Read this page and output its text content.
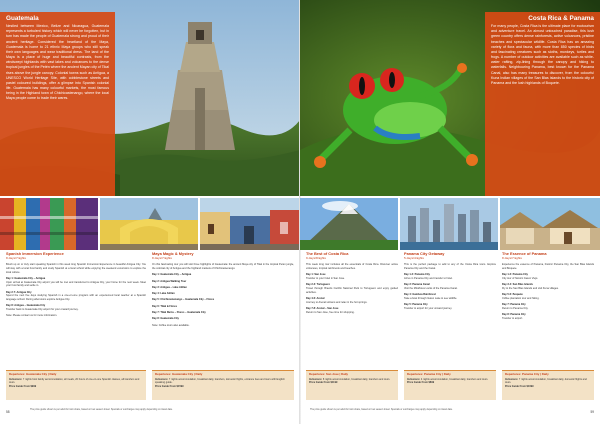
Guatemala

Nestled between Mexico, Belize and Nicaragua, Guatemala represents a turbulent history which will never be forgotten, but in turn has made the people of Guatemala strong and proud of their ancient heritage. Considered the heartland of the Maya, Guatemala is home to 21 ethnic Maya groups who still speak their own languages and wear traditional dress. The land of the Maya is a place of huge and beautiful contrasts, from the windswept highlands with vast lakes and volcanoes to the dense tropical jungles of the Petén where the ancient Mayan city of Tikal rises above the jungle canopy. Colonial towns such as Antigua, a UNESCO World Heritage Site, with cobblestone streets and pastel coloured buildings, offer a glimpse into Spanish colonial life. Guatemala has many colourful markets, the most famous being in the Highland town of Chichicastenango, where the local Maya people come to trade their wares.

Spanish Immersion Experience
8 days/7nights

Brush up on or truly start speaking Spanish in this week long Spanish Immersion Experience in beautiful Antigua City. You will stay with a local host family and study Spanish at a local school while enjoying the weekend excursions to explore the local culture.

Day 1: Guatemala City – Antigua
Upon arrival at Guatemala City airport you will be met and transferred to Antigua City, your home for the next week. Meet your host family and settle in.

Day 2-7: Antigua City
Spend the next five days studying Spanish in a one-on-one program with an experienced local teacher at a Spanish language school. During afternoons explore Antigua City.

Day 8: Antigua – Guatemala City
Transfer back to Guatemala City airport for your onward journey.

Note: Please contact us for more information.

Departures: Guatemala City | Daily
Inclusions: 7 nights host family accommodation, all meals, 20 hours of one-on-one Spanish classes, all transfers and tours.
Price Guide From $999
Maya Magic & Mystery
8 days/7nights

On this fascinating tour you will visit three highlights of Guatemala: the ancient Maya city of Tikal in the tropical Petén jungle, the colonial city of Antigua and the highland markets of Chichicastenango.

Day 1: Guatemala City – Antigua

Day 2: Antigua Walking Tour

Day 3: Antigua – Lake Atitlan

Day 4: Lake Atitlan

Day 5: Chichicastenango – Guatemala City – Flores

Day 6: Tikal & Flores

Day 7: Tikal Ruins – Flores – Guatemala City

Day 8: Guatemala City

Note: Coffee tours also available.

Departures: Guatemala City | Daily
Inclusions: 7 nights accommodation, breakfast daily, transfers, domestic flights, entrance fees and tours with English speaking guide.
Price Guide From $1599
The price guide shown is per adult for twin share, based on low season travel. Specials or surcharges may apply depending on travel date.
58
Costa Rica & Panama

For many people, Costa Rica is the ultimate place for ecotourism and adventure travel. An almost untouched paradise, this lush green country offers dense rainforests, active volcanoes, pristine beaches and spectacular wildlife. Costa Rica has an amazing variety of flora and fauna, with more than 850 species of birds and fascinating creatures such as sloths, monkeys, turtles and frogs. A number of outdoor activities are available such as white-water rafting, zip-lining through the canopy and hiking to waterfalls. Neighbouring Panama, best known for the Panama Canal, also has many treasures to discover, from the colourful Kuna Indian villages of the San Blas Islands to the historic city of Panama and the lush highlands of Boquete.

The Best of Costa Rica
9 days/8nights

This week long tour includes all the essentials of Costa Rica. Discover active volcanoes, tropical rainforests and beaches.

Day 1: San Jose
Transfer to your hotel in San Jose.

Day 2-3: Tortuguero
Travel through Braulio Carrillo National Park to Tortuguero and enjoy guided activities.

Day 4-6: Arenal
Journey to Arenal volcano and relax in the hot springs.

Day 7-8: Arenal – San Jose
Return to San Jose, free time for shopping.

Departures: San Jose | Daily
Inclusions: 8 nights accommodation, breakfast daily, transfers and tours.
Price Guide From $1199
Panama City Getaway
5 days/4nights

This is the perfect package to add to any of the Costa Rica tours. Explore Panama City and the Canal.

Day 1-2: Panama City
Arrive in Panama City and transfer to hotel.

Day 3: Panama Canal
Visit the Miraflores Locks of the Panama Canal.

Day 4: Gamboa Rainforest
Take a boat through Gatun Lake to see wildlife.

Day 5: Panama City
Transfer to airport for your onward journey.

Departures: Panama City | Daily
Inclusions: 4 nights accommodation, breakfast daily, transfers and tours.
Price Guide From $899
The Essence of Panama
8 days/7nights

Experience the essence of Panama, historic Panama City, the San Blas Islands and Boquete.

Day 1-2: Panama City
City tour of historic Casco Viejo.

Day 3-4: San Blas Islands
Fly to the San Blas Islands and visit Kuna villages.

Day 5-6: Boquete
Coffee plantation tour and hiking.

Day 7: Panama City
Return to Panama City.

Day 8: Panama City
Transfer to airport.

Departures: Panama City | Daily
Inclusions: 7 nights accommodation, breakfast daily, domestic flights and tours.
Price Guide From $1699
The price guide shown is per adult for twin share, based on low season travel. Specials or surcharges may apply depending on travel date.	59
